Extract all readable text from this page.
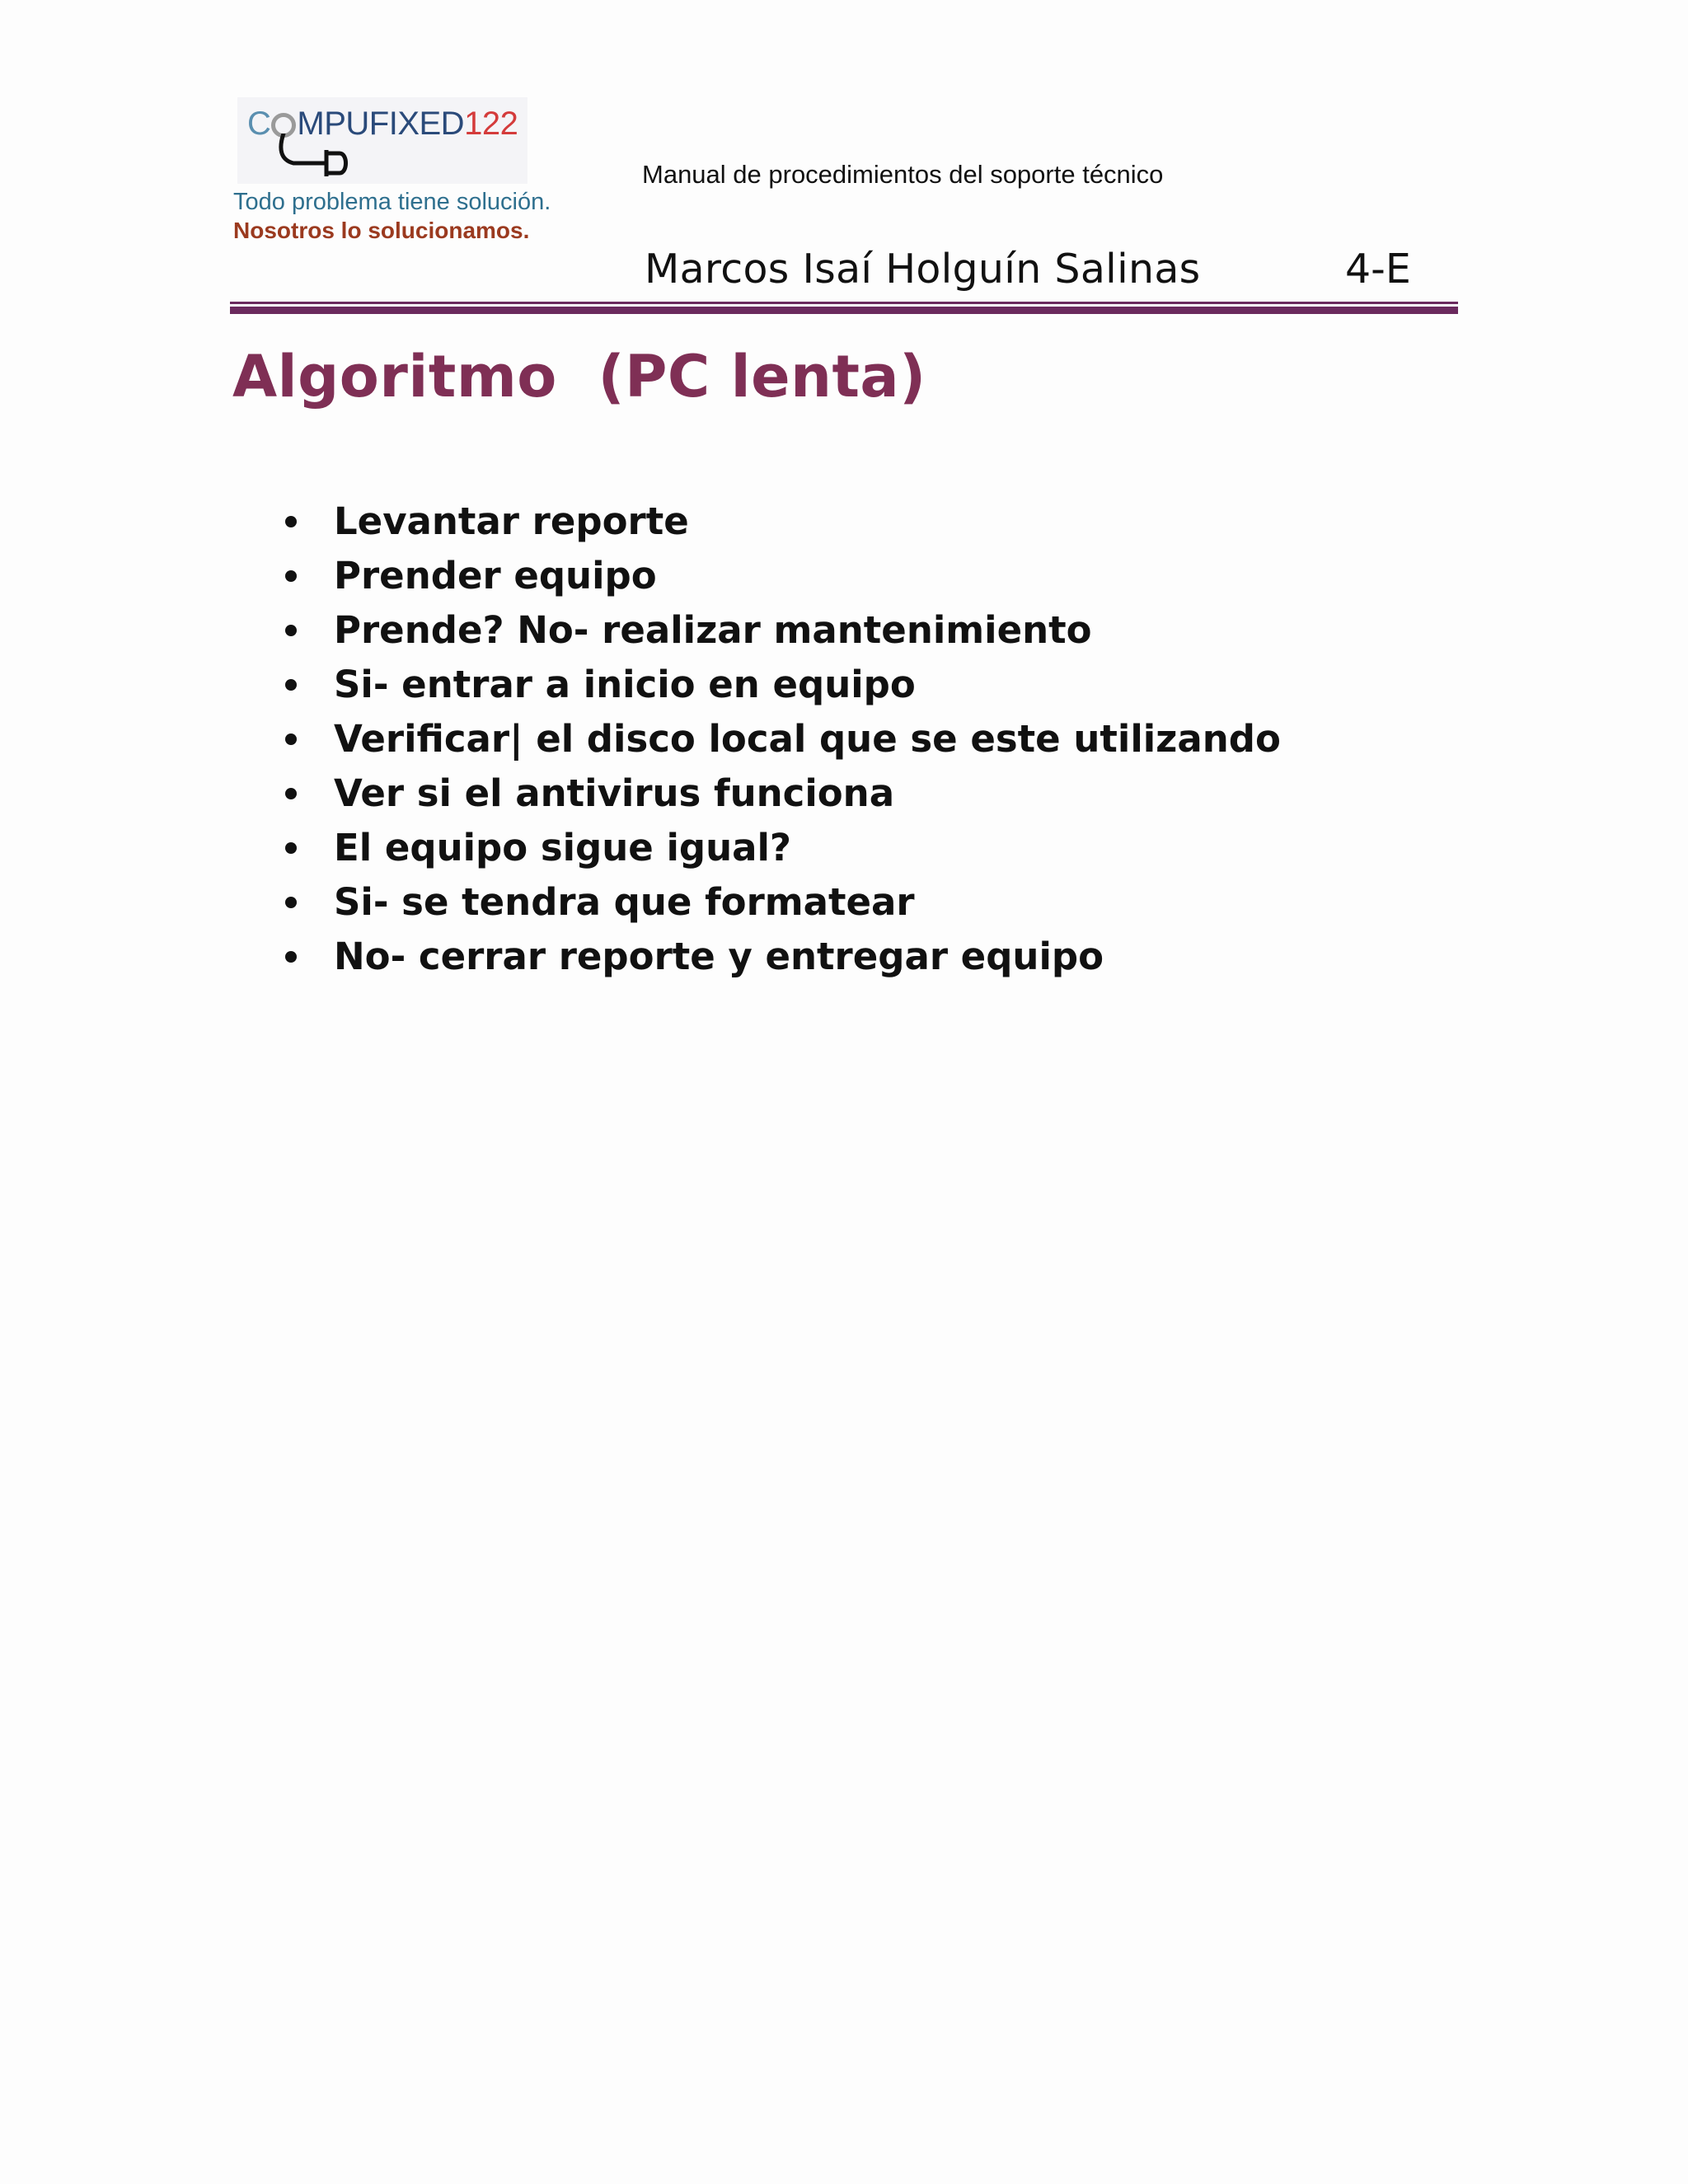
C MPUFIXED122
Todo problema tiene solución.
Nosotros lo solucionamos.
Manual de procedimientos del soporte técnico
Marcos Isaí Holguín Salinas	4-E
Algoritmo  (PC lenta)
Levantar reporte
Prender equipo
Prende? No- realizar mantenimiento
Si- entrar a inicio en equipo
Verificar| el disco local que se este utilizando
Ver si el antivirus funciona
El equipo sigue igual?
Si- se tendra que formatear
No- cerrar reporte y entregar equipo
